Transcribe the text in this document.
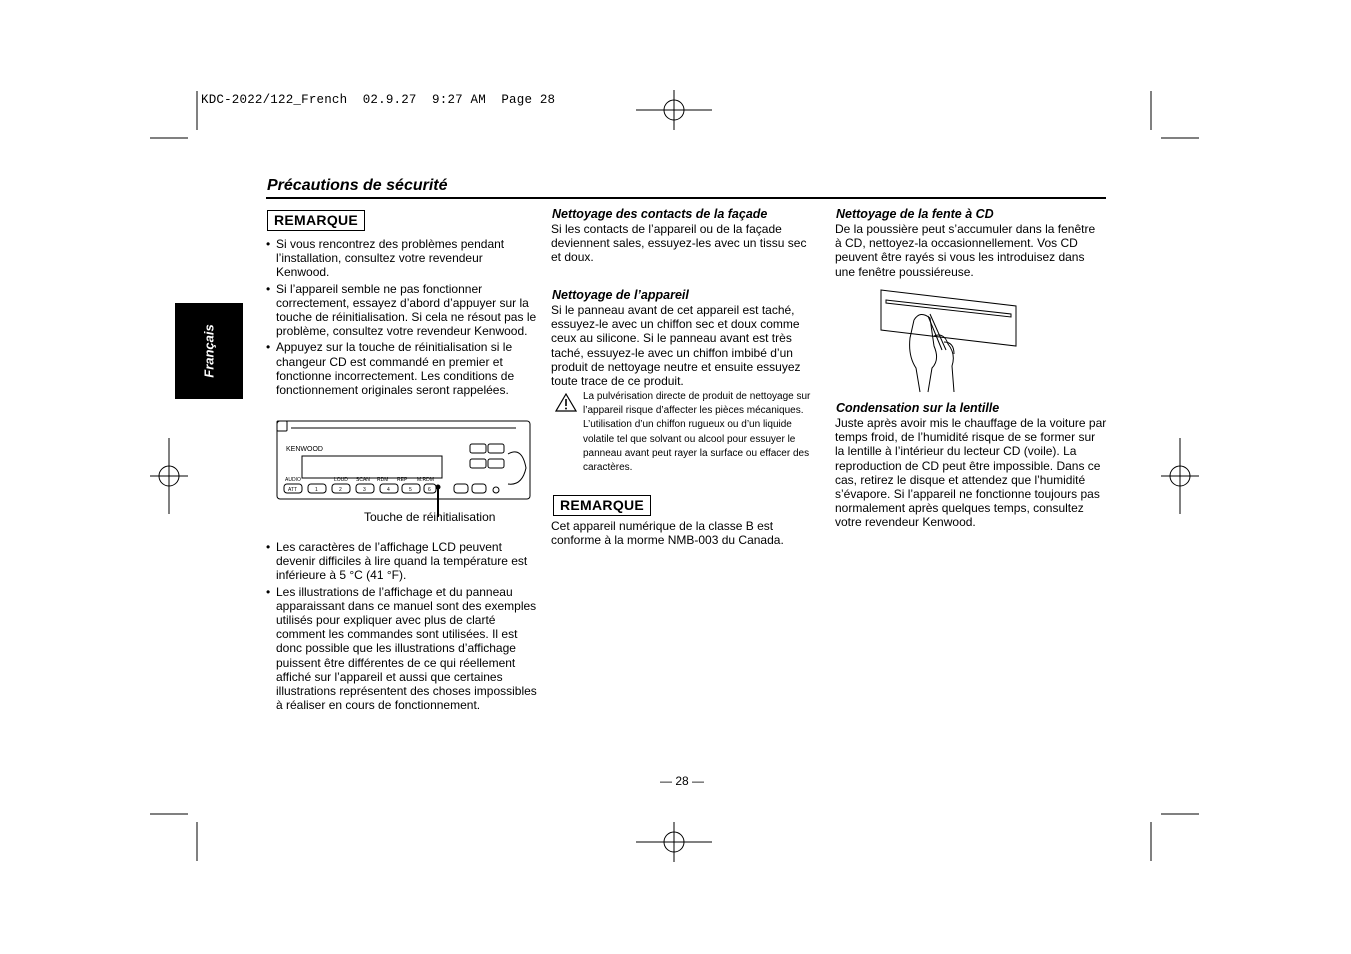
KDC-2022/122_French  02.9.27  9:27 AM  Page 28
Précautions de sécurité
Français
REMARQUE
• Si vous rencontrez des problèmes pendant l’installation, consultez votre revendeur Kenwood.
• Si l’appareil semble ne pas fonctionner correctement, essayez d’abord d’appuyer sur la touche de réinitialisation. Si cela ne résout pas le problème, consultez votre revendeur Kenwood.
• Appuyez sur la touche de réinitialisation si le changeur CD est commandé en premier et fonctionne incorrectement. Les conditions de fonctionnement originales seront rappelées.
KENWOOD
AUDIO	LOUD SCAN RDM REP M.RDM
ATT	1	2	3	4	5	6
Touche de réinitialisation
• Les caractères de l’affichage LCD peuvent devenir difficiles à lire quand la température est inférieure à 5 °C (41 °F).
• Les illustrations de l’affichage et du panneau apparaissant dans ce manuel sont des exemples utilisés pour expliquer avec plus de clarté comment les commandes sont utilisées. Il est donc possible que les illustrations d’affichage puissent être différentes de ce qui réellement affiché sur l’appareil et aussi que certaines illustrations représentent des choses impossibles à réaliser en cours de fonctionnement.
Nettoyage des contacts de la façade
Si les contacts de l’appareil ou de la façade deviennent sales, essuyez-les avec un tissu sec et doux.
Nettoyage de l’appareil
Si le panneau avant de cet appareil est taché, essuyez-le avec un chiffon sec et doux comme ceux au silicone. Si le panneau avant est très taché, essuyez-le avec un chiffon imbibé d’un produit de nettoyage neutre et ensuite essuyez toute trace de ce produit.
La pulvérisation directe de produit de nettoyage sur l’appareil risque d’affecter les pièces mécaniques. L’utilisation d’un chiffon rugueux ou d’un liquide volatile tel que solvant ou alcool pour essuyer le panneau avant peut rayer la surface ou effacer des caractères.
REMARQUE
Cet appareil numérique de la classe B est conforme à la morme NMB-003 du Canada.
Nettoyage de la fente à CD
De la poussière peut s’accumuler dans la fenêtre à CD, nettoyez-la occasionnellement. Vos CD peuvent être rayés si vous les introduisez dans une fenêtre poussiéreuse.
Condensation sur la lentille
Juste après avoir mis le chauffage de la voiture par temps froid, de l’humidité risque de se former sur la lentille à l’intérieur du lecteur CD (voile). La reproduction de CD peut être impossible. Dans ce cas, retirez le disque et attendez que l’humidité s’évapore. Si l’appareil ne fonctionne toujours pas normalement après quelques temps, consultez votre revendeur Kenwood.
— 28 —
